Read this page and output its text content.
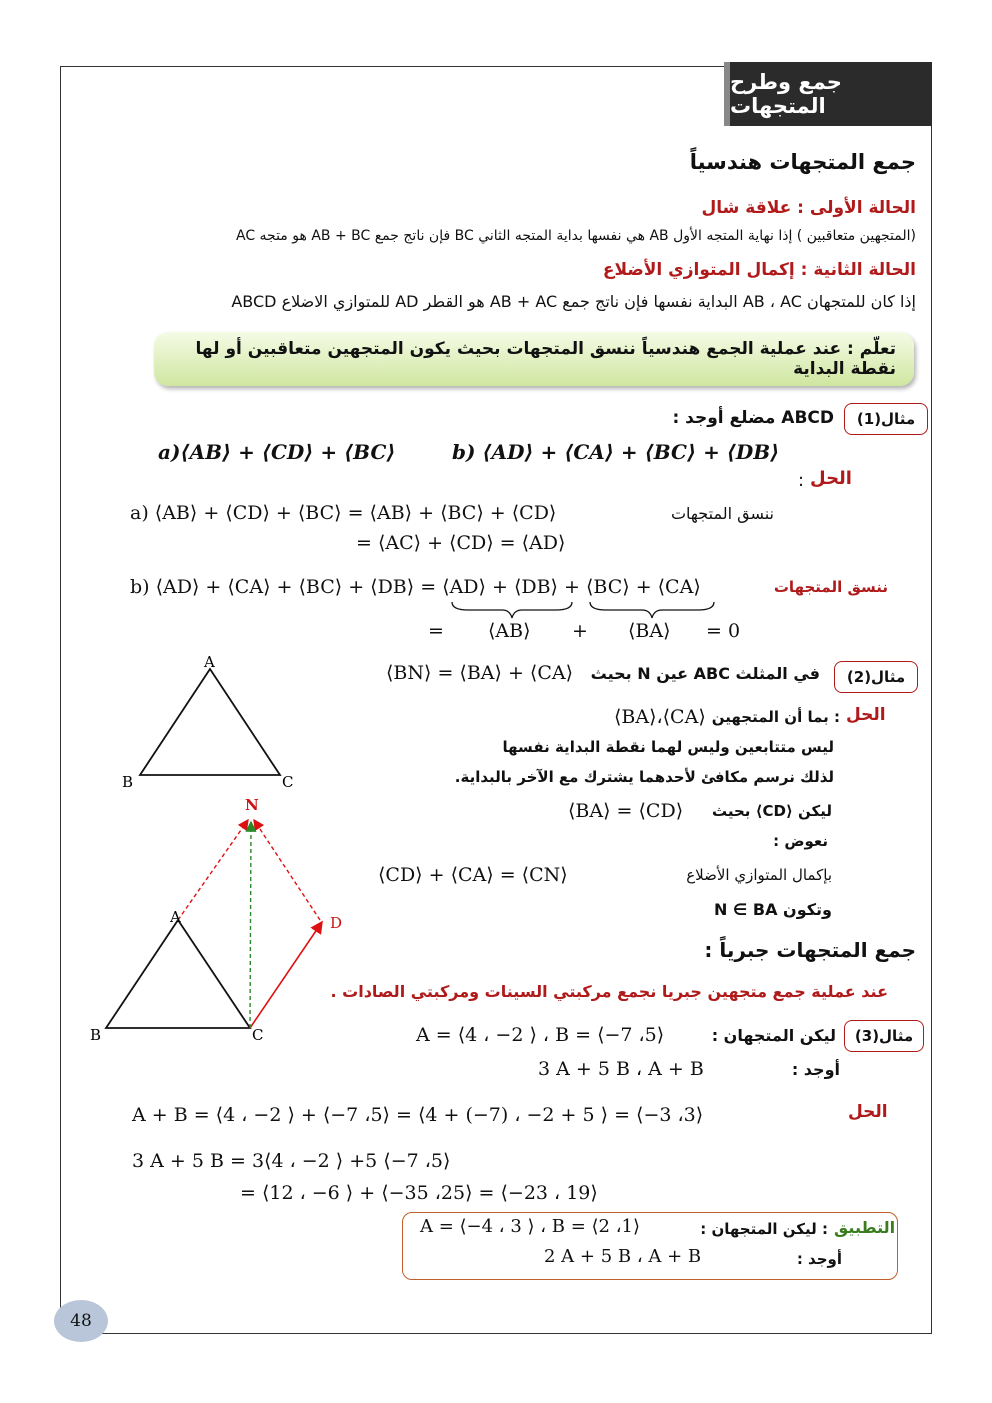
جمع وطرح المتجهات
جمع المتجهات هندسياً
الحالة الأولى : علاقة شال
(المتجهين متعاقبين ) إذا نهاية المتجه الأول AB هي نفسها بداية المتجه الثاني BC فإن ناتج جمع AB + BC هو متجه AC
الحالة الثانية : إكمال المتوازي الأضلاع
إذا كان للمتجهان AB ، AC البداية نفسها فإن ناتج جمع AB + AC هو القطر AD للمتوازي الاضلاع ABCD
تعلّم : عند عملية الجمع هندسياً ننسق المتجهات بحيث يكون المتجهين متعاقبين أو لها نقطة البداية
مثال(1)
ABCD مضلع أوجد :
a)⟨AB⟩ + ⟨CD⟩ + ⟨BC⟩	b) ⟨AD⟩ + ⟨CA⟩ + ⟨BC⟩ + ⟨DB⟩
الحل
:
ننسق المتجهات
a) ⟨AB⟩ + ⟨CD⟩ + ⟨BC⟩ = ⟨AB⟩ + ⟨BC⟩ + ⟨CD⟩
= ⟨AC⟩ + ⟨CD⟩ = ⟨AD⟩
ننسق المتجهات
b) ⟨AD⟩ + ⟨CA⟩ + ⟨BC⟩ + ⟨DB⟩ = ⟨AD⟩ + ⟨DB⟩ + ⟨BC⟩ + ⟨CA⟩
= ⟨AB⟩ + ⟨BA⟩ = 0
A
B	C
مثال(2)
في المثلث ABC عين N بحيث
⟨BN⟩ = ⟨BA⟩ + ⟨CA⟩
الحل
: بما أن المتجهين
⟨BA⟩،⟨CA⟩
ليس متتابعين وليس لهما نقطة البداية نفسها
لذلك نرسم مكافئ لأحدهما يشترك مع الآخر بالبداية.
ليكن ⟨CD⟩ بحيث
⟨BA⟩ = ⟨CD⟩
نعوض :
بإكمال المتوازي الأضلاع
⟨CD⟩ + ⟨CA⟩ = ⟨CN⟩
وتكون N ∈ BA
N
A
B	C
D
جمع المتجهات جبرياً :
عند عملية جمع متجهين جبريا نجمع مركبتي السينات ومركبتي الصادات .
مثال(3)
ليكن المتجهان :
A = ⟨4 ، −2 ⟩ ، B = ⟨−7 ،5⟩
أوجد :
3 A + 5 B ، A + B
الحل
A + B = ⟨4 ، −2 ⟩ + ⟨−7 ،5⟩ = ⟨4 + (−7) ، −2 + 5 ⟩ = ⟨−3 ،3⟩
3 A + 5 B = 3⟨4 ، −2 ⟩ +5 ⟨−7 ،5⟩
= ⟨12 ، −6 ⟩ + ⟨−35 ،25⟩ = ⟨−23 ، 19⟩
التطبيق
: ليكن المتجهان :
A = ⟨−4 ، 3 ⟩ ، B = ⟨2 ،1⟩
أوجد :
2 A + 5 B ، A + B
48
